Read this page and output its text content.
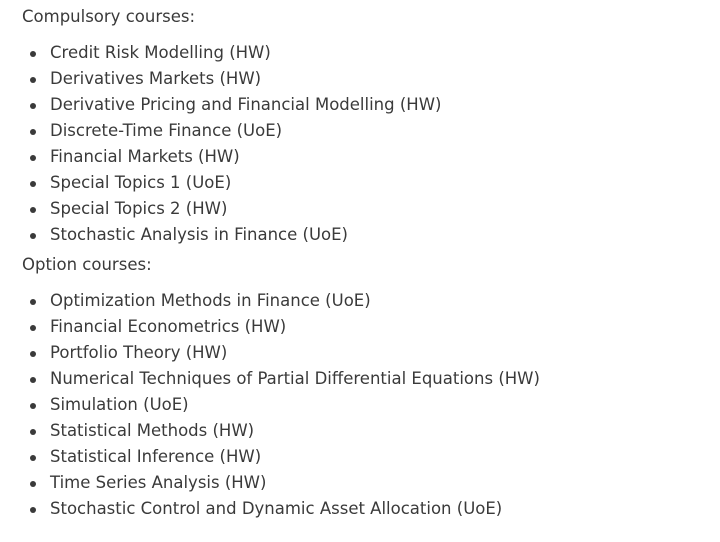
Compulsory courses:

Credit Risk Modelling (HW)
Derivatives Markets (HW)
Derivative Pricing and Financial Modelling (HW)
Discrete-Time Finance (UoE)
Financial Markets (HW)
Special Topics 1 (UoE)
Special Topics 2 (HW)
Stochastic Analysis in Finance (UoE)

Option courses:

Optimization Methods in Finance (UoE)
Financial Econometrics (HW)
Portfolio Theory (HW)
Numerical Techniques of Partial Differential Equations (HW)
Simulation (UoE)
Statistical Methods (HW)
Statistical Inference (HW)
Time Series Analysis (HW)
Stochastic Control and Dynamic Asset Allocation (UoE)
